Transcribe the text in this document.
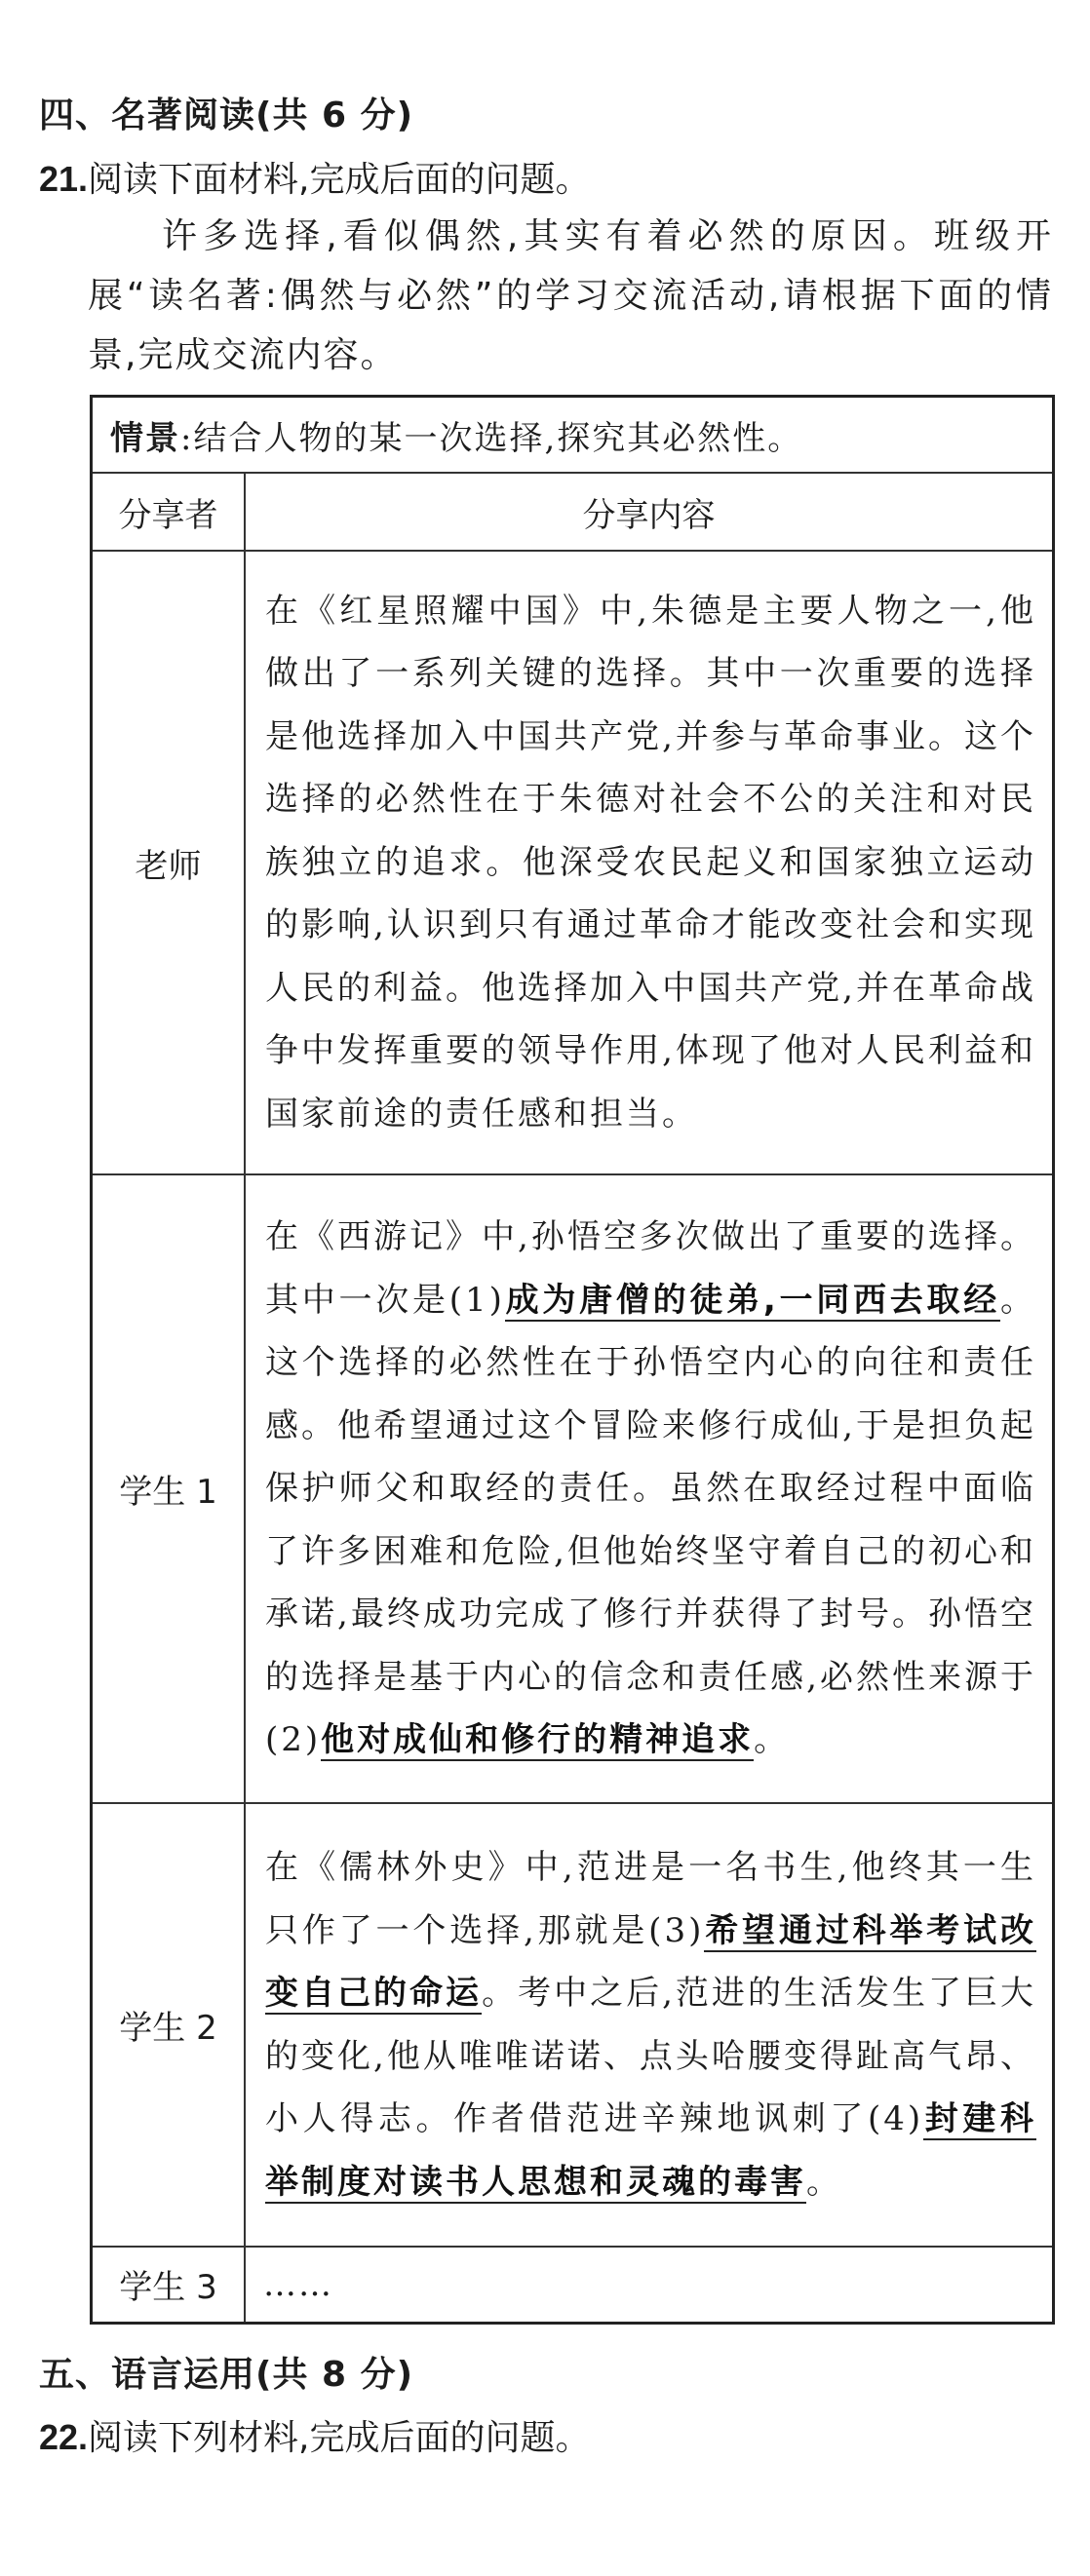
四、名著阅读(共 6 分)
21.阅读下面材料,完成后面的问题。
许多选择,看似偶然,其实有着必然的原因。班级开展“读名著:偶然与必然”的学习交流活动,请根据下面的情景,完成交流内容。
情景:结合人物的某一次选择,探究其必然性。	
分享者	分享内容
老师	在《红星照耀中国》中,朱德是主要人物之一,他做出了一系列关键的选择。其中一次重要的选择是他选择加入中国共产党,并参与革命事业。这个选择的必然性在于朱德对社会不公的关注和对民族独立的追求。他深受农民起义和国家独立运动的影响,认识到只有通过革命才能改变社会和实现人民的利益。他选择加入中国共产党,并在革命战争中发挥重要的领导作用,体现了他对人民利益和国家前途的责任感和担当。
学生 1	在《西游记》中,孙悟空多次做出了重要的选择。其中一次是(1)成为唐僧的徒弟,一同西去取经。这个选择的必然性在于孙悟空内心的向往和责任感。他希望通过这个冒险来修行成仙,于是担负起保护师父和取经的责任。虽然在取经过程中面临了许多困难和危险,但他始终坚守着自己的初心和承诺,最终成功完成了修行并获得了封号。孙悟空的选择是基于内心的信念和责任感,必然性来源于(2)他对成仙和修行的精神追求。
学生 2	在《儒林外史》中,范进是一名书生,他终其一生只作了一个选择,那就是(3)希望通过科举考试改变自己的命运。考中之后,范进的生活发生了巨大的变化,他从唯唯诺诺、点头哈腰变得趾高气昂、小人得志。作者借范进辛辣地讽刺了(4)封建科举制度对读书人思想和灵魂的毒害。
学生 3	……
五、语言运用(共 8 分)
22.阅读下列材料,完成后面的问题。
